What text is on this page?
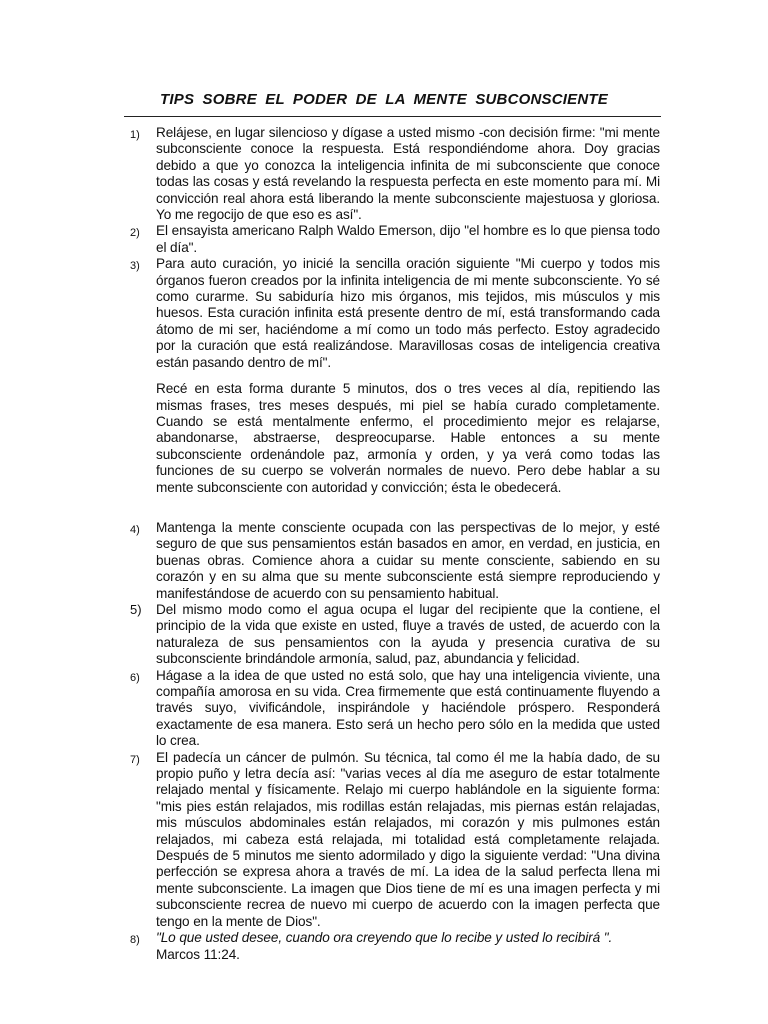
TIPS SOBRE EL PODER DE LA MENTE SUBCONSCIENTE
1) Relájese, en lugar silencioso y dígase a usted mismo -con decisión firme: "mi mente subconsciente conoce la respuesta. Está respondiéndome ahora. Doy gracias debido a que yo conozca la inteligencia infinita de mi subconsciente que conoce todas las cosas y está revelando la respuesta perfecta en este momento para mí. Mi convicción real ahora está liberando la mente subconsciente majestuosa y gloriosa. Yo me regocijo de que eso es así".
2) El ensayista americano Ralph Waldo Emerson, dijo "el hombre es lo que piensa todo el día".
3) Para auto curación, yo inicié la sencilla oración siguiente "Mi cuerpo y todos mis órganos fueron creados por la infinita inteligencia de mi mente subconsciente. Yo sé como curarme. Su sabiduría hizo mis órganos, mis tejidos, mis músculos y mis huesos. Esta curación infinita está presente dentro de mí, está transformando cada átomo de mi ser, haciéndome a mí como un todo más perfecto. Estoy agradecido por la curación que está realizándose. Maravillosas cosas de inteligencia creativa están pasando dentro de mí".
Recé en esta forma durante 5 minutos, dos o tres veces al día, repitiendo las mismas frases, tres meses después, mi piel se había curado completamente. Cuando se está mentalmente enfermo, el procedimiento mejor es relajarse, abandonarse, abstraerse, despreocuparse. Hable entonces a su mente subconsciente ordenándole paz, armonía y orden, y ya verá como todas las funciones de su cuerpo se volverán normales de nuevo. Pero debe hablar a su mente subconsciente con autoridad y convicción; ésta le obedecerá.
4) Mantenga la mente consciente ocupada con las perspectivas de lo mejor, y esté seguro de que sus pensamientos están basados en amor, en verdad, en justicia, en buenas obras. Comience ahora a cuidar su mente consciente, sabiendo en su corazón y en su alma que su mente subconsciente está siempre reproduciendo y manifestándose de acuerdo con su pensamiento habitual.
5) Del mismo modo como el agua ocupa el lugar del recipiente que la contiene, el principio de la vida que existe en usted, fluye a través de usted, de acuerdo con la naturaleza de sus pensamientos con la ayuda y presencia curativa de su subconsciente brindándole armonía, salud, paz, abundancia y felicidad.
6) Hágase a la idea de que usted no está solo, que hay una inteligencia viviente, una compañía amorosa en su vida. Crea firmemente que está continuamente fluyendo a través suyo, vivificándole, inspirándole y haciéndole próspero. Responderá exactamente de esa manera. Esto será un hecho pero sólo en la medida que usted lo crea.
7) El padecía un cáncer de pulmón. Su técnica, tal como él me la había dado, de su propio puño y letra decía así: "varias veces al día me aseguro de estar totalmente relajado mental y físicamente. Relajo mi cuerpo hablándole en la siguiente forma: "mis pies están relajados, mis rodillas están relajadas, mis piernas están relajadas, mis músculos abdominales están relajados, mi corazón y mis pulmones están relajados, mi cabeza está relajada, mi totalidad está completamente relajada. Después de 5 minutos me siento adormilado y digo la siguiente verdad: "Una divina perfección se expresa ahora a través de mí. La idea de la salud perfecta llena mi mente subconsciente. La imagen que Dios tiene de mí es una imagen perfecta y mi subconsciente recrea de nuevo mi cuerpo de acuerdo con la imagen perfecta que tengo en la mente de Dios".
8) "Lo que usted desee, cuando ora creyendo que lo recibe y usted lo recibirá ".
Marcos 11:24.
